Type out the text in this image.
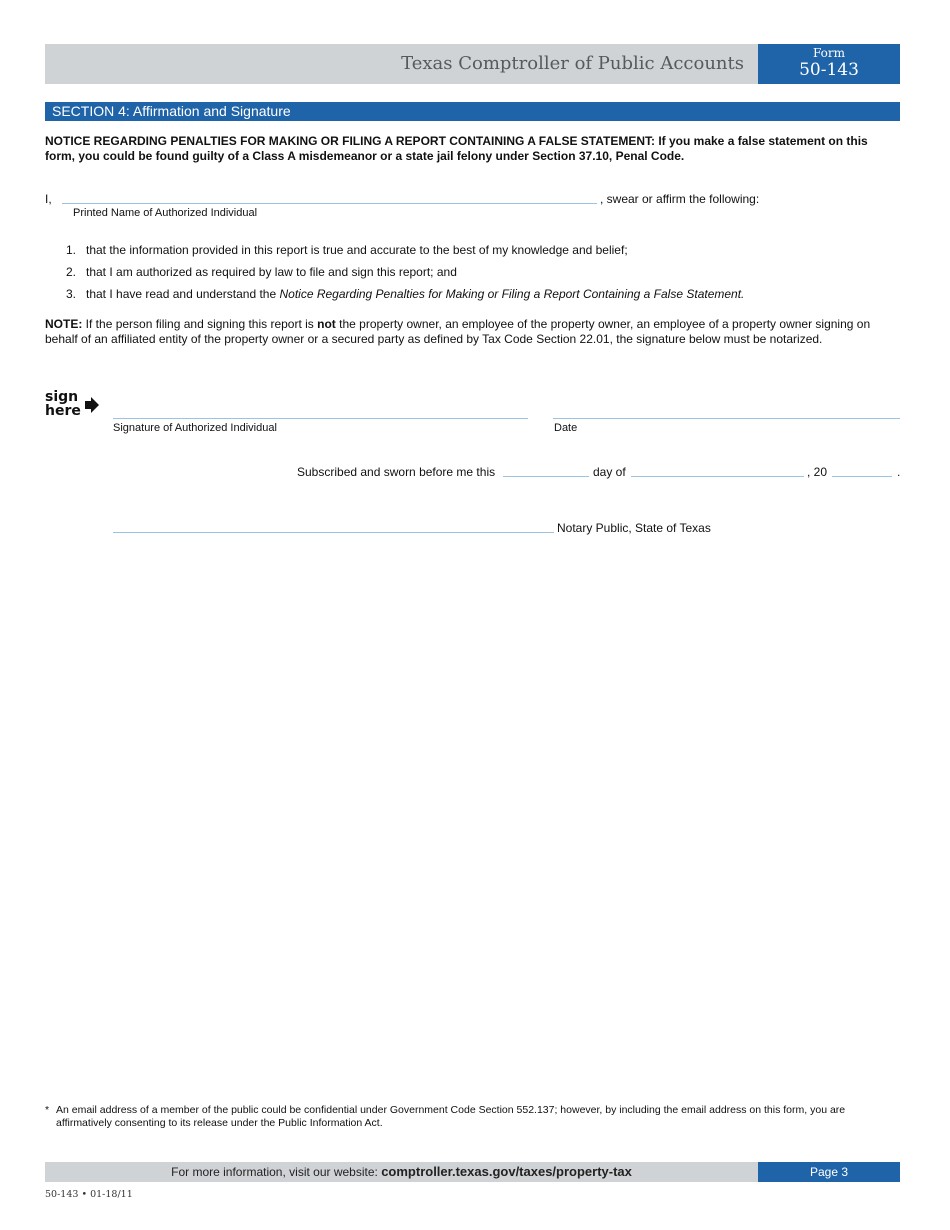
Texas Comptroller of Public Accounts	Form
50-143
SECTION 4: Affirmation and Signature
NOTICE REGARDING PENALTIES FOR MAKING OR FILING A REPORT CONTAINING A FALSE STATEMENT: If you make a false statement on this form, you could be found guilty of a Class A misdemeanor or a state jail felony under Section 37.10, Penal Code.
I,	, swear or affirm the following:
Printed Name of Authorized Individual
1. that the information provided in this report is true and accurate to the best of my knowledge and belief;
2. that I am authorized as required by law to file and sign this report; and
3. that I have read and understand the Notice Regarding Penalties for Making or Filing a Report Containing a False Statement.
NOTE: If the person filing and signing this report is not the property owner, an employee of the property owner, an employee of a property owner signing on behalf of an affiliated entity of the property owner or a secured party as defined by Tax Code Section 22.01, the signature below must be notarized.
sign
here
Signature of Authorized Individual	Date
Subscribed and sworn before me this	day of	, 20	.
Notary Public, State of Texas
* An email address of a member of the public could be confidential under Government Code Section 552.137; however, by including the email address on this form, you are affirmatively consenting to its release under the Public Information Act.
For more information, visit our website: comptroller.texas.gov/taxes/property-tax	Page 3
50-143 • 01-18/11
